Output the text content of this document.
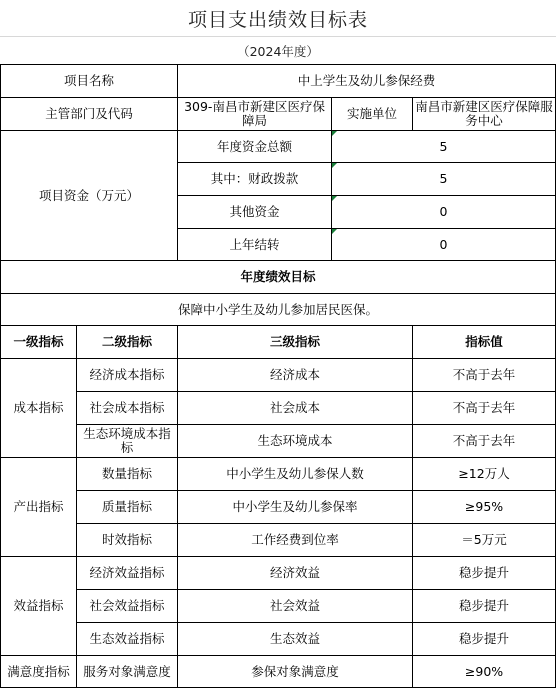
项目支出绩效目标表
（2024年度）
项目名称		中上学生及幼儿参保经费		
主管部门及代码		309-南昌市新建区医疗保障局	实施单位	南昌市新建区医疗保障服务中心
项目资金（万元）		年度资金总额	5	
		其中：财政拨款	5	
		其他资金	0	
		上年结转	0	
年度绩效目标				
保障中小学生及幼儿参加居民医保。				
一级指标	二级指标	三级指标		指标值
成本指标	经济成本指标	经济成本		不高于去年
	社会成本指标	社会成本		不高于去年
	生态环境成本指标	生态环境成本		不高于去年
产出指标	数量指标	中小学生及幼儿参保人数		≥12万人
	质量指标	中小学生及幼儿参保率		≥95%
	时效指标	工作经费到位率		＝5万元
效益指标	经济效益指标	经济效益		稳步提升
	社会效益指标	社会效益		稳步提升
	生态效益指标	生态效益		稳步提升
满意度指标	服务对象满意度	参保对象满意度		≥90%
